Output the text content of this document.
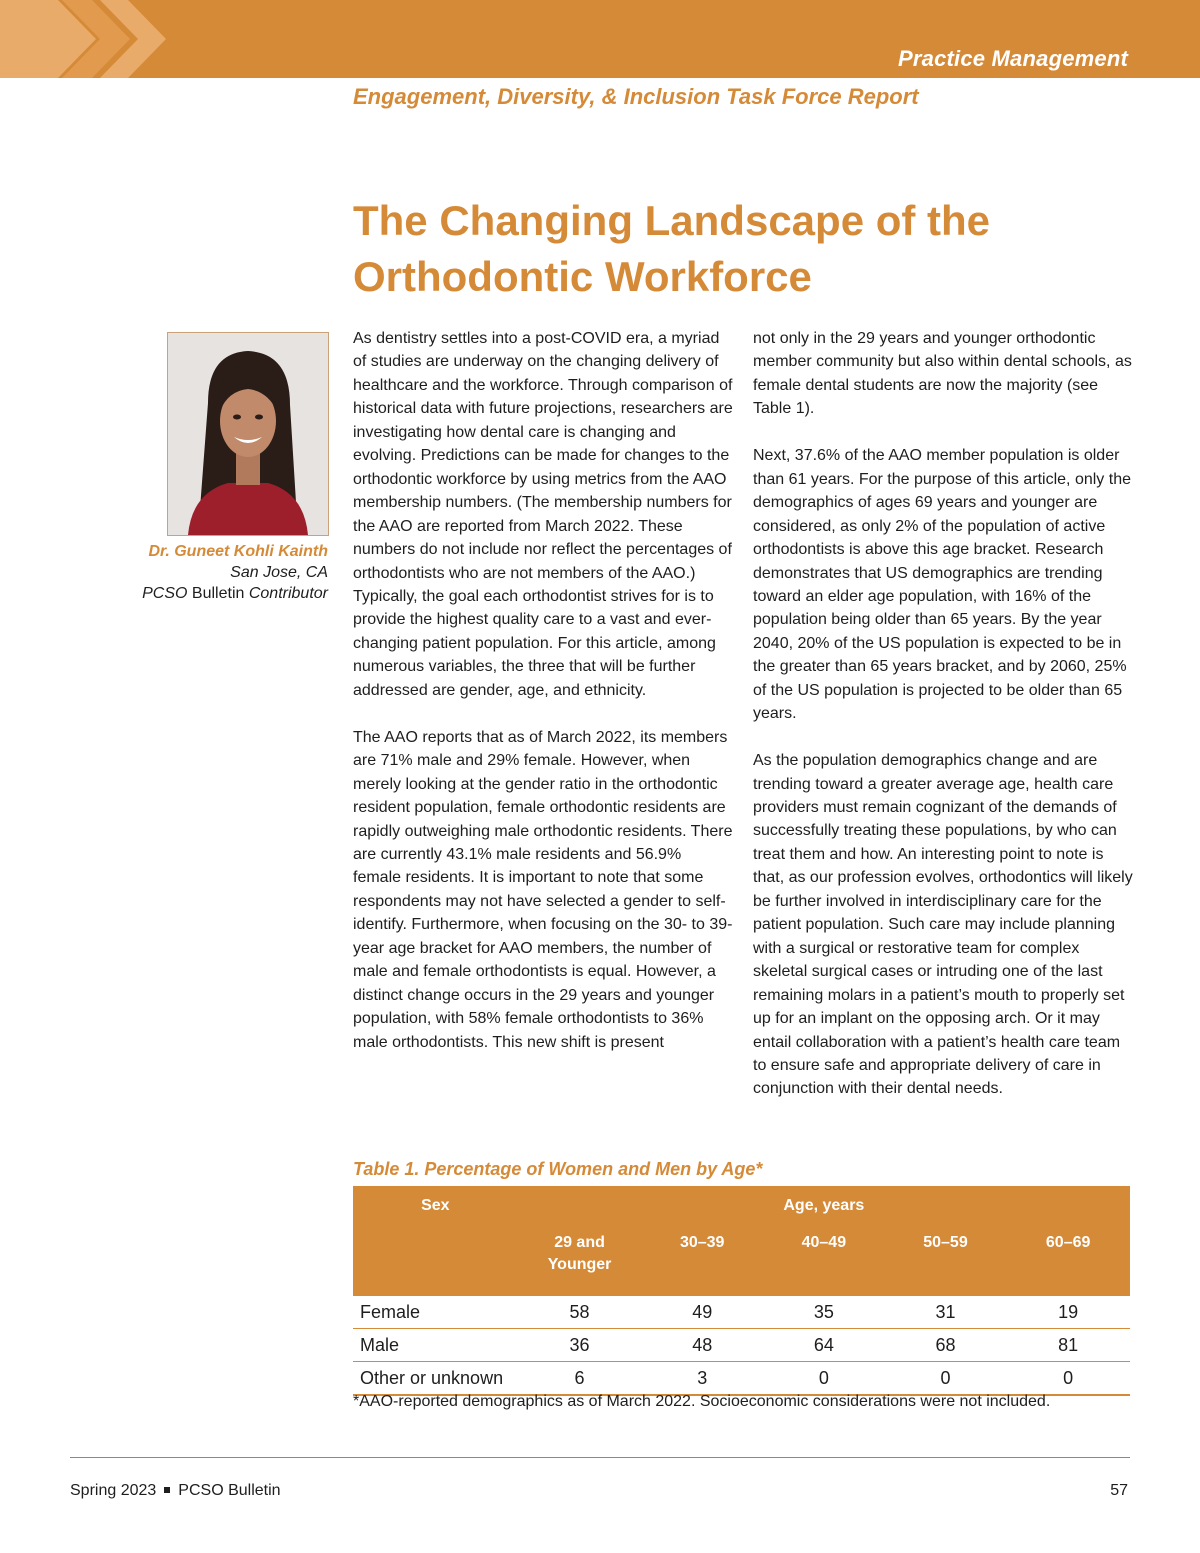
Practice Management
Engagement, Diversity, & Inclusion Task Force Report
The Changing Landscape of the Orthodontic Workforce
Dr. Guneet Kohli Kainth
San Jose, CA
PCSO Bulletin Contributor

As dentistry settles into a post-COVID era, a myriad of studies are underway on the changing delivery of healthcare and the workforce. Through comparison of historical data with future projections, researchers are investigating how dental care is changing and evolving. Predictions can be made for changes to the orthodontic workforce by using metrics from the AAO membership numbers. (The membership numbers for the AAO are reported from March 2022. These numbers do not include nor reflect the percentages of orthodontists who are not members of the AAO.) Typically, the goal each orthodontist strives for is to provide the highest quality care to a vast and ever-changing patient population. For this article, among numerous variables, the three that will be further addressed are gender, age, and ethnicity.

The AAO reports that as of March 2022, its members are 71% male and 29% female. However, when merely looking at the gender ratio in the orthodontic resident population, female orthodontic residents are rapidly outweighing male orthodontic residents. There are currently 43.1% male residents and 56.9% female residents. It is important to note that some respondents may not have selected a gender to self-identify. Furthermore, when focusing on the 30- to 39-year age bracket for AAO members, the number of male and female orthodontists is equal. However, a distinct change occurs in the 29 years and younger population, with 58% female orthodontists to 36% male orthodontists. This new shift is present

not only in the 29 years and younger orthodontic member community but also within dental schools, as female dental students are now the majority (see Table 1).

Next, 37.6% of the AAO member population is older than 61 years. For the purpose of this article, only the demographics of ages 69 years and younger are considered, as only 2% of the population of active orthodontists is above this age bracket. Research demonstrates that US demographics are trending toward an elder age population, with 16% of the population being older than 65 years. By the year 2040, 20% of the US population is expected to be in the greater than 65 years bracket, and by 2060, 25% of the US population is projected to be older than 65 years.

As the population demographics change and are trending toward a greater average age, health care providers must remain cognizant of the demands of successfully treating these populations, by who can treat them and how. An interesting point to note is that, as our profession evolves, orthodontics will likely be further involved in interdisciplinary care for the patient population. Such care may include planning with a surgical or restorative team for complex skeletal surgical cases or intruding one of the last remaining molars in a patient’s mouth to properly set up for an implant on the opposing arch. Or it may entail collaboration with a patient’s health care team to ensure safe and appropriate delivery of care in conjunction with their dental needs.

Table 1. Percentage of Women and Men by Age*
Sex	Age, years				
	29 and Younger	30–39	40–49	50–59	60–69
Female	58	49	35	31	19
Male	36	48	64	68	81
Other or unknown	6	3	0	0	0
*AAO-reported demographics as of March 2022. Socioeconomic considerations were not included.
Spring 2023 PCSO Bulletin	57
